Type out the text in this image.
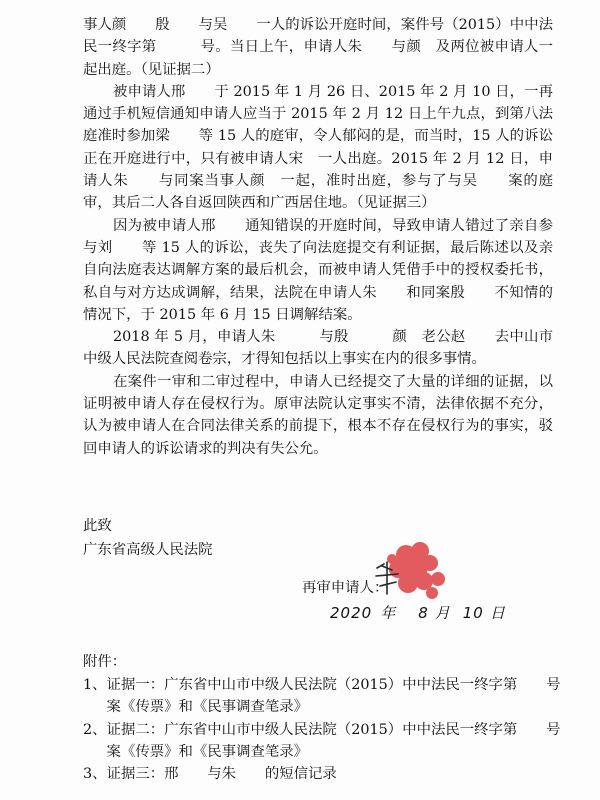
事人颜　　殷　　与吴　　一人的诉讼开庭时间，案件号（2015）中中法民一终字第　　　号。当日上午，申请人朱　　与颜　及两位被申请人一起出庭。（见证据二）

被申请人邢　　于 2015 年 1 月 26 日、2015 年 2 月 10 日，一再通过手机短信通知申请人应当于 2015 年 2 月 12 日上午九点，到第八法庭准时参加梁　　等 15 人的庭审，令人郁闷的是，而当时，15 人的诉讼正在开庭进行中，只有被申请人宋　一人出庭。2015 年 2 月 12 日，申请人朱　　与同案当事人颜　一起，准时出庭，参与了与吴　　案的庭审，其后二人各自返回陕西和广西居住地。（见证据三）

因为被申请人邢　　通知错误的开庭时间，导致申请人错过了亲自参与刘　　等 15 人的诉讼，丧失了向法庭提交有利证据，最后陈述以及亲自向法庭表达调解方案的最后机会，而被申请人凭借手中的授权委托书，私自与对方达成调解，结果，法院在申请人朱　　和同案殷　　不知情的情况下，于 2015 年 6 月 15 日调解结案。

2018 年 5 月，申请人朱　　　与殷　　　颜　老公赵　　去中山市中级人民法院查阅卷宗，才得知包括以上事实在内的很多事情。

在案件一审和二审过程中，申请人已经提交了大量的详细的证据，以证明被申请人存在侵权行为。原审法院认定事实不清，法律依据不充分，认为被申请人在合同法律关系的前提下，根本不存在侵权行为的事实，驳回申请人的诉讼请求的判决有失公允。

此致
广东省高级人民法院
再审申请人：
2020 年 8 月 10 日
附件：
1、 证据一：广东省中山市中级人民法院（2015）中中法民一终字第　　号案《传票》和《民事调查笔录》
2、 证据二：广东省中山市中级人民法院（2015）中中法民一终字第　　号案《传票》和《民事调查笔录》
3、 证据三：邢　　与朱　　的短信记录
